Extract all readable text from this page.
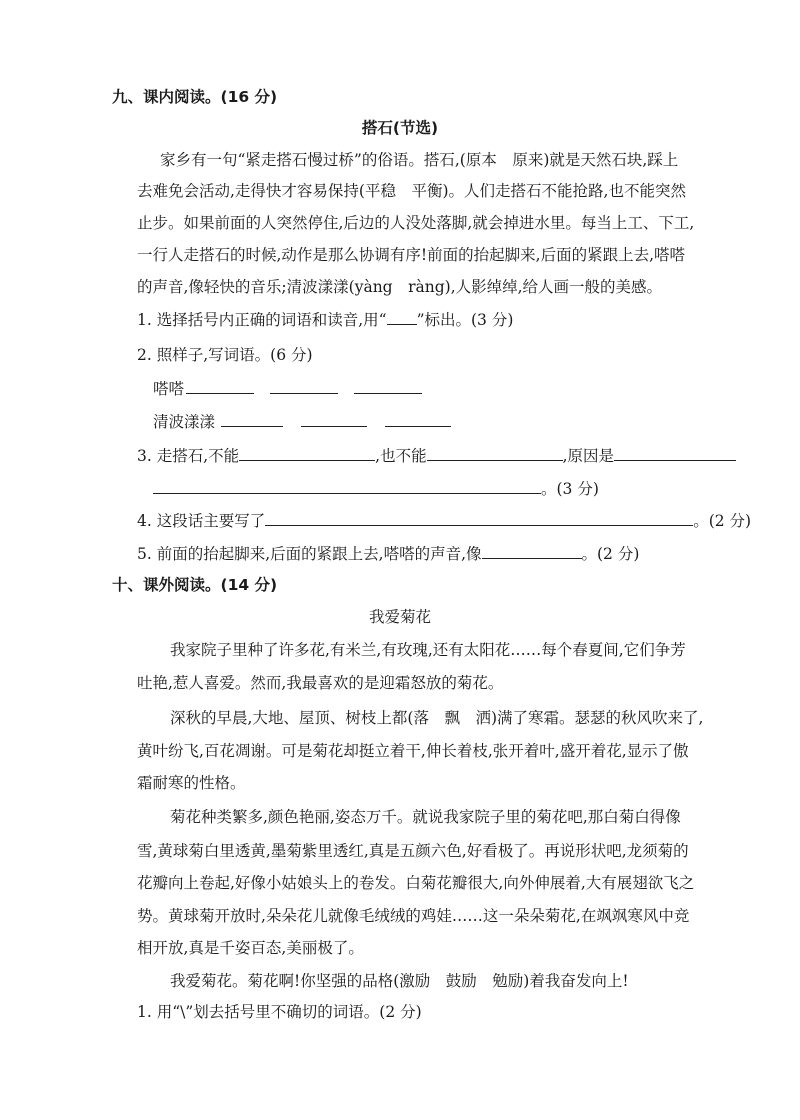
九、课内阅读。(16 分)
搭石(节选)
家乡有一句“紧走搭石慢过桥”的俗语。搭石,(原本　原来)就是天然石块,踩上
去难免会活动,走得快才容易保持(平稳　平衡)。人们走搭石不能抢路,也不能突然
止步。如果前面的人突然停住,后边的人没处落脚,就会掉进水里。每当上工、下工,
一行人走搭石的时候,动作是那么协调有序!前面的抬起脚来,后面的紧跟上去,嗒嗒
的声音,像轻快的音乐;清波漾漾(yàng　ràng),人影绰绰,给人画一般的美感。
1. 选择括号内正确的词语和读音,用“ ”标出。(3 分)
2. 照样子,写词语。(6 分)
嗒嗒
清波漾漾
3. 走搭石,不能	,也不能	,原因是
。(3 分)
4. 这段话主要写了	。(2 分)
5. 前面的抬起脚来,后面的紧跟上去,嗒嗒的声音,像	。(2 分)
十、课外阅读。(14 分)
我爱菊花
我家院子里种了许多花,有米兰,有玫瑰,还有太阳花……每个春夏间,它们争芳
吐艳,惹人喜爱。然而,我最喜欢的是迎霜怒放的菊花。
深秋的早晨,大地、屋顶、树枝上都(落　飘　洒)满了寒霜。瑟瑟的秋风吹来了,
黄叶纷飞,百花凋谢。可是菊花却挺立着干,伸长着枝,张开着叶,盛开着花,显示了傲
霜耐寒的性格。
菊花种类繁多,颜色艳丽,姿态万千。就说我家院子里的菊花吧,那白菊白得像
雪,黄球菊白里透黄,墨菊紫里透红,真是五颜六色,好看极了。再说形状吧,龙须菊的
花瓣向上卷起,好像小姑娘头上的卷发。白菊花瓣很大,向外伸展着,大有展翅欲飞之
势。黄球菊开放时,朵朵花儿就像毛绒绒的鸡娃……这一朵朵菊花,在飒飒寒风中竞
相开放,真是千姿百态,美丽极了。
我爱菊花。菊花啊!你坚强的品格(激励　鼓励　勉励)着我奋发向上!
1. 用“\”划去括号里不确切的词语。(2 分)
